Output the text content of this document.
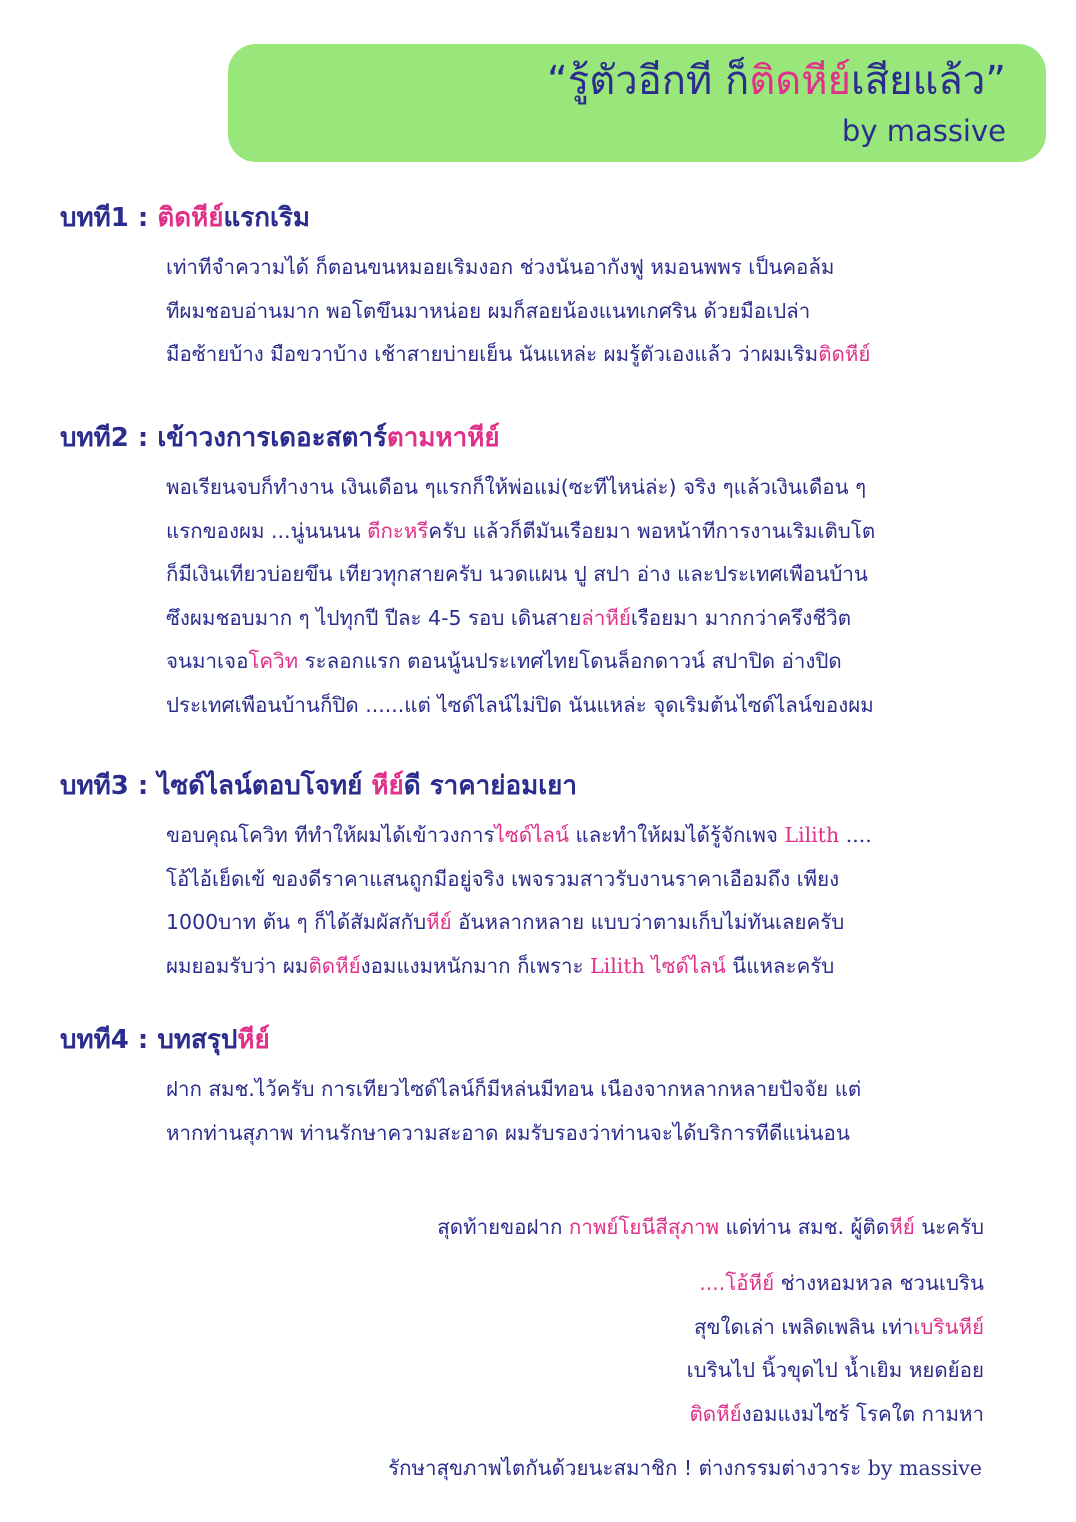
“รู้ตัวอีกที ก็ติดหีย์เสียแล้ว”
by massive
บทที1 : ติดหีย์แรกเริม
เท่าทีจำความได้ ก็ตอนขนหมอยเริมงอก ช่วงนันอากังฟู หมอนพพร เป็นคอล้ม
ทีผมชอบอ่านมาก พอโตขึนมาหน่อย ผมก็สอยน้องแนทเกศริน ด้วยมือเปล่า
มือซ้ายบ้าง มือขวาบ้าง เช้าสายบ่ายเย็น นันแหล่ะ ผมรู้ตัวเองแล้ว ว่าผมเริมติดหีย์
บทที2 : เข้าวงการเดอะสตาร์ตามหาหีย์
พอเรียนจบก็ทำงาน เงินเดือน ๆแรกก็ให้พ่อแม่(ซะทีไหน่ล่ะ) จริง ๆแล้วเงินเดือน ๆ
แรกของผม ...นู่นนนน ตีกะหรีครับ แล้วก็ตีมันเรือยมา พอหน้าทีการงานเริมเติบโต
ก็มีเงินเทียวบ่อยขึน เทียวทุกสายครับ นวดแผน ปู สปา อ่าง และประเทศเพือนบ้าน
ซึงผมชอบมาก ๆ ไปทุกปี ปีละ 4-5 รอบ เดินสายล่าหีย์เรือยมา มากกว่าครึงชีวิต
จนมาเจอโควิท ระลอกแรก ตอนนู้นประเทศไทยโดนล็อกดาวน์ สปาปิด อ่างปิด
ประเทศเพือนบ้านก็ปิด ......แต่ ไซด์ไลน์ไม่ปิด นันแหล่ะ จุดเริมต้นไซด์ไลน์ของผม
บทที3 : ไซด์ไลน์ตอบโจทย์ หีย์ดี ราคาย่อมเยา
ขอบคุณโควิท ทีทำให้ผมได้เข้าวงการไซด์ไลน์ และทำให้ผมได้รู้จักเพจ Lilith ....
โอ้ไอ้เย็ดเข้ ของดีราคาแสนถูกมีอยู่จริง เพจรวมสาวรับงานราคาเอือมถึง เพียง
1000บาท ต้น ๆ ก็ได้สัมผัสกับหีย์ อันหลากหลาย แบบว่าตามเก็บไม่ทันเลยครับ
ผมยอมรับว่า ผมติดหีย์งอมแงมหนักมาก ก็เพราะ Lilith ไซด์ไลน์ นีแหละครับ
บทที4 : บทสรุปหีย์
ฝาก สมช.ไว้ครับ การเทียวไซด์ไลน์ก็มีหล่นมีทอน เนืองจากหลากหลายปัจจัย แต่
หากท่านสุภาพ ท่านรักษาความสะอาด ผมรับรองว่าท่านจะได้บริการทีดีแน่นอน
สุดท้ายขอฝาก กาพย์โยนีสีสุภาพ แด่ท่าน สมช. ผู้ติดหีย์ นะครับ
....โอ้หีย์ ช่างหอมหวล ชวนเบริน
สุขใดเล่า เพลิดเพลิน เท่าเบรินหีย์
เบรินไป นิ้วขุดไป น้ำเยิม หยดย้อย
ติดหีย์งอมแงมไซร้ โรคใต กามหา
รักษาสุขภาพไตกันด้วยนะสมาชิก ! ต่างกรรมต่างวาระ by massive
